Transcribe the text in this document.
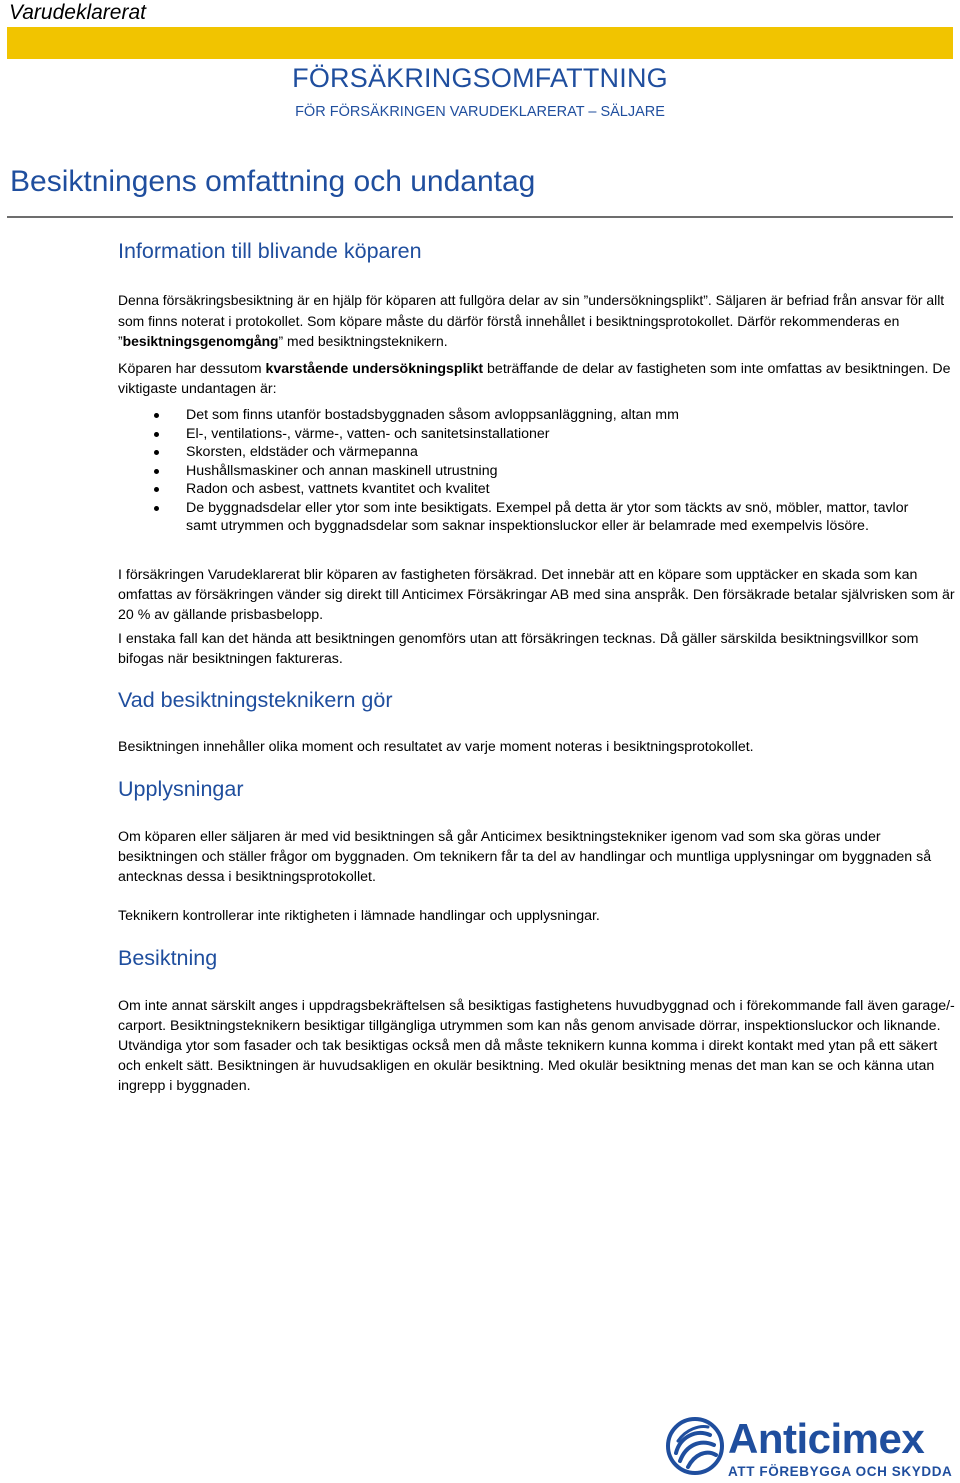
Varudeklarerat
FÖRSÄKRINGSOMFATTNING
FÖR FÖRSÄKRINGEN VARUDEKLARERAT – SÄLJARE
Besiktningens omfattning och undantag
Information till blivande köparen

Denna försäkringsbesiktning är en hjälp för köparen att fullgöra delar av sin ”undersökningsplikt”. Säljaren är befriad från ansvar för allt som finns noterat i protokollet. Som köpare måste du därför förstå innehållet i besiktningsprotokollet. Därför rekommenderas en ”besiktningsgenomgång” med besiktningsteknikern.

Köparen har dessutom kvarstående undersökningsplikt beträffande de delar av fastigheten som inte omfattas av besiktningen. De viktigaste undantagen är:

Det som finns utanför bostadsbyggnaden såsom avloppsanläggning, altan mm
El-, ventilations-, värme-, vatten- och sanitetsinstallationer
Skorsten, eldstäder och värmepanna
Hushållsmaskiner och annan maskinell utrustning
Radon och asbest, vattnets kvantitet och kvalitet
De byggnadsdelar eller ytor som inte besiktigats. Exempel på detta är ytor som täckts av snö, möbler, mattor, tavlor samt utrymmen och byggnadsdelar som saknar inspektionsluckor eller är belamrade med exempelvis lösöre.

I försäkringen Varudeklarerat blir köparen av fastigheten försäkrad. Det innebär att en köpare som upptäcker en skada som kan omfattas av försäkringen vänder sig direkt till Anticimex Försäkringar AB med sina anspråk. Den försäkrade betalar självrisken som är 20 % av gällande prisbasbelopp.

I enstaka fall kan det hända att besiktningen genomförs utan att försäkringen tecknas. Då gäller särskilda besiktningsvillkor som bifogas när besiktningen faktureras.

Vad besiktningsteknikern gör

Besiktningen innehåller olika moment och resultatet av varje moment noteras i besiktningsprotokollet.

Upplysningar

Om köparen eller säljaren är med vid besiktningen så går Anticimex besiktningstekniker igenom vad som ska göras under besiktningen och ställer frågor om byggnaden. Om teknikern får ta del av handlingar och muntliga upplysningar om byggnaden så antecknas dessa i besiktningsprotokollet.

Teknikern kontrollerar inte riktigheten i lämnade handlingar och upplysningar.

Besiktning

Om inte annat särskilt anges i uppdragsbekräftelsen så besiktigas fastighetens huvudbyggnad och i förekommande fall även garage/- carport. Besiktningsteknikern besiktigar tillgängliga utrymmen som kan nås genom anvisade dörrar, inspektionsluckor och liknande. Utvändiga ytor som fasader och tak besiktigas också men då måste teknikern kunna komma i direkt kontakt med ytan på ett säkert och enkelt sätt. Besiktningen är huvudsakligen en okulär besiktning. Med okulär besiktning menas det man kan se och känna utan ingrepp i byggnaden.

Anticimex
ATT FÖREBYGGA OCH SKYDDA
